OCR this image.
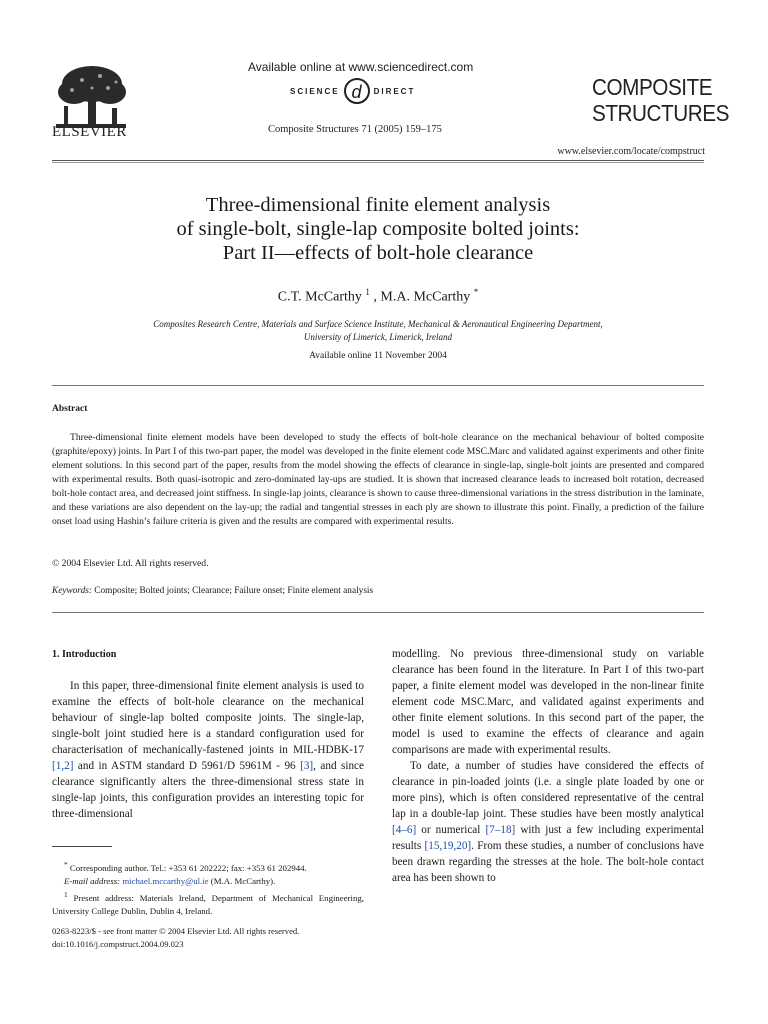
ELSEVIER
Available online at www.sciencedirect.com
SCIENCE d	DIRECT
Composite Structures 71 (2005) 159–175
COMPOSITE
STRUCTURES
www.elsevier.com/locate/compstruct
Three-dimensional finite element analysis
of single-bolt, single-lap composite bolted joints:
Part II—effects of bolt-hole clearance
C.T. McCarthy $^1$ , M.A. McCarthy *
Composites Research Centre, Materials and Surface Science Institute, Mechanical & Aeronautical Engineering Department,
University of Limerick, Limerick, Ireland
Available online 11 November 2004
Abstract

Three-dimensional finite element models have been developed to study the effects of bolt-hole clearance on the mechanical behaviour of bolted composite (graphite/epoxy) joints. In Part I of this two-part paper, the model was developed in the finite element code MSC.Marc and validated against experiments and other finite element solutions. In this second part of the paper, results from the model showing the effects of clearance in single-lap, single-bolt joints are presented and compared with experimental results. Both quasi-isotropic and zero-dominated lay-ups are studied. It is shown that increased clearance leads to increased bolt rotation, decreased bolt-hole contact area, and decreased joint stiffness. In single-lap joints, clearance is shown to cause three-dimensional variations in the stress distribution in the laminate, and these variations are also dependent on the lay-up; the radial and tangential stresses in each ply are shown to illustrate this point. Finally, a prediction of the failure onset load using Hashin’s failure criteria is given and the results are compared with experimental results.

© 2004 Elsevier Ltd. All rights reserved.
Keywords: Composite; Bolted joints; Clearance; Failure onset; Finite element analysis
1. Introduction

In this paper, three-dimensional finite element analysis is used to examine the effects of bolt-hole clearance on the mechanical behaviour of single-lap bolted composite joints. The single-lap, single-bolt joint studied here is a standard configuration used for characterisation of mechanically-fastened joints in MIL-HDBK-17 [1,2] and in ASTM standard D 5961/D 5961M - 96 [3], and since clearance significantly alters the three-dimensional stress state in single-lap joints, this configuration provides an interesting topic for three-dimensional

* Corresponding author. Tel.: +353 61 202222; fax: +353 61 202944.
E-mail address: michael.mccarthy@ul.ie (M.A. McCarthy).
$^1$ Present address: Materials Ireland, Department of Mechanical Engineering, University College Dublin, Dublin 4, Ireland.
0263-8223/$ - see front matter © 2004 Elsevier Ltd. All rights reserved.
doi:10.1016/j.compstruct.2004.09.023

modelling. No previous three-dimensional study on variable clearance has been found in the literature. In Part I of this two-part paper, a finite element model was developed in the non-linear finite element code MSC.Marc, and validated against experiments and other finite element solutions. In this second part of the paper, the model is used to examine the effects of clearance and again comparisons are made with experimental results.

To date, a number of studies have considered the effects of clearance in pin-loaded joints (i.e. a single plate loaded by one or more pins), which is often considered representative of the central lap in a double-lap joint. These studies have been mostly analytical [4–6] or numerical [7–18] with just a few including experimental results [15,19,20]. From these studies, a number of conclusions have been drawn regarding the stresses at the hole. The bolt-hole contact area has been shown to
